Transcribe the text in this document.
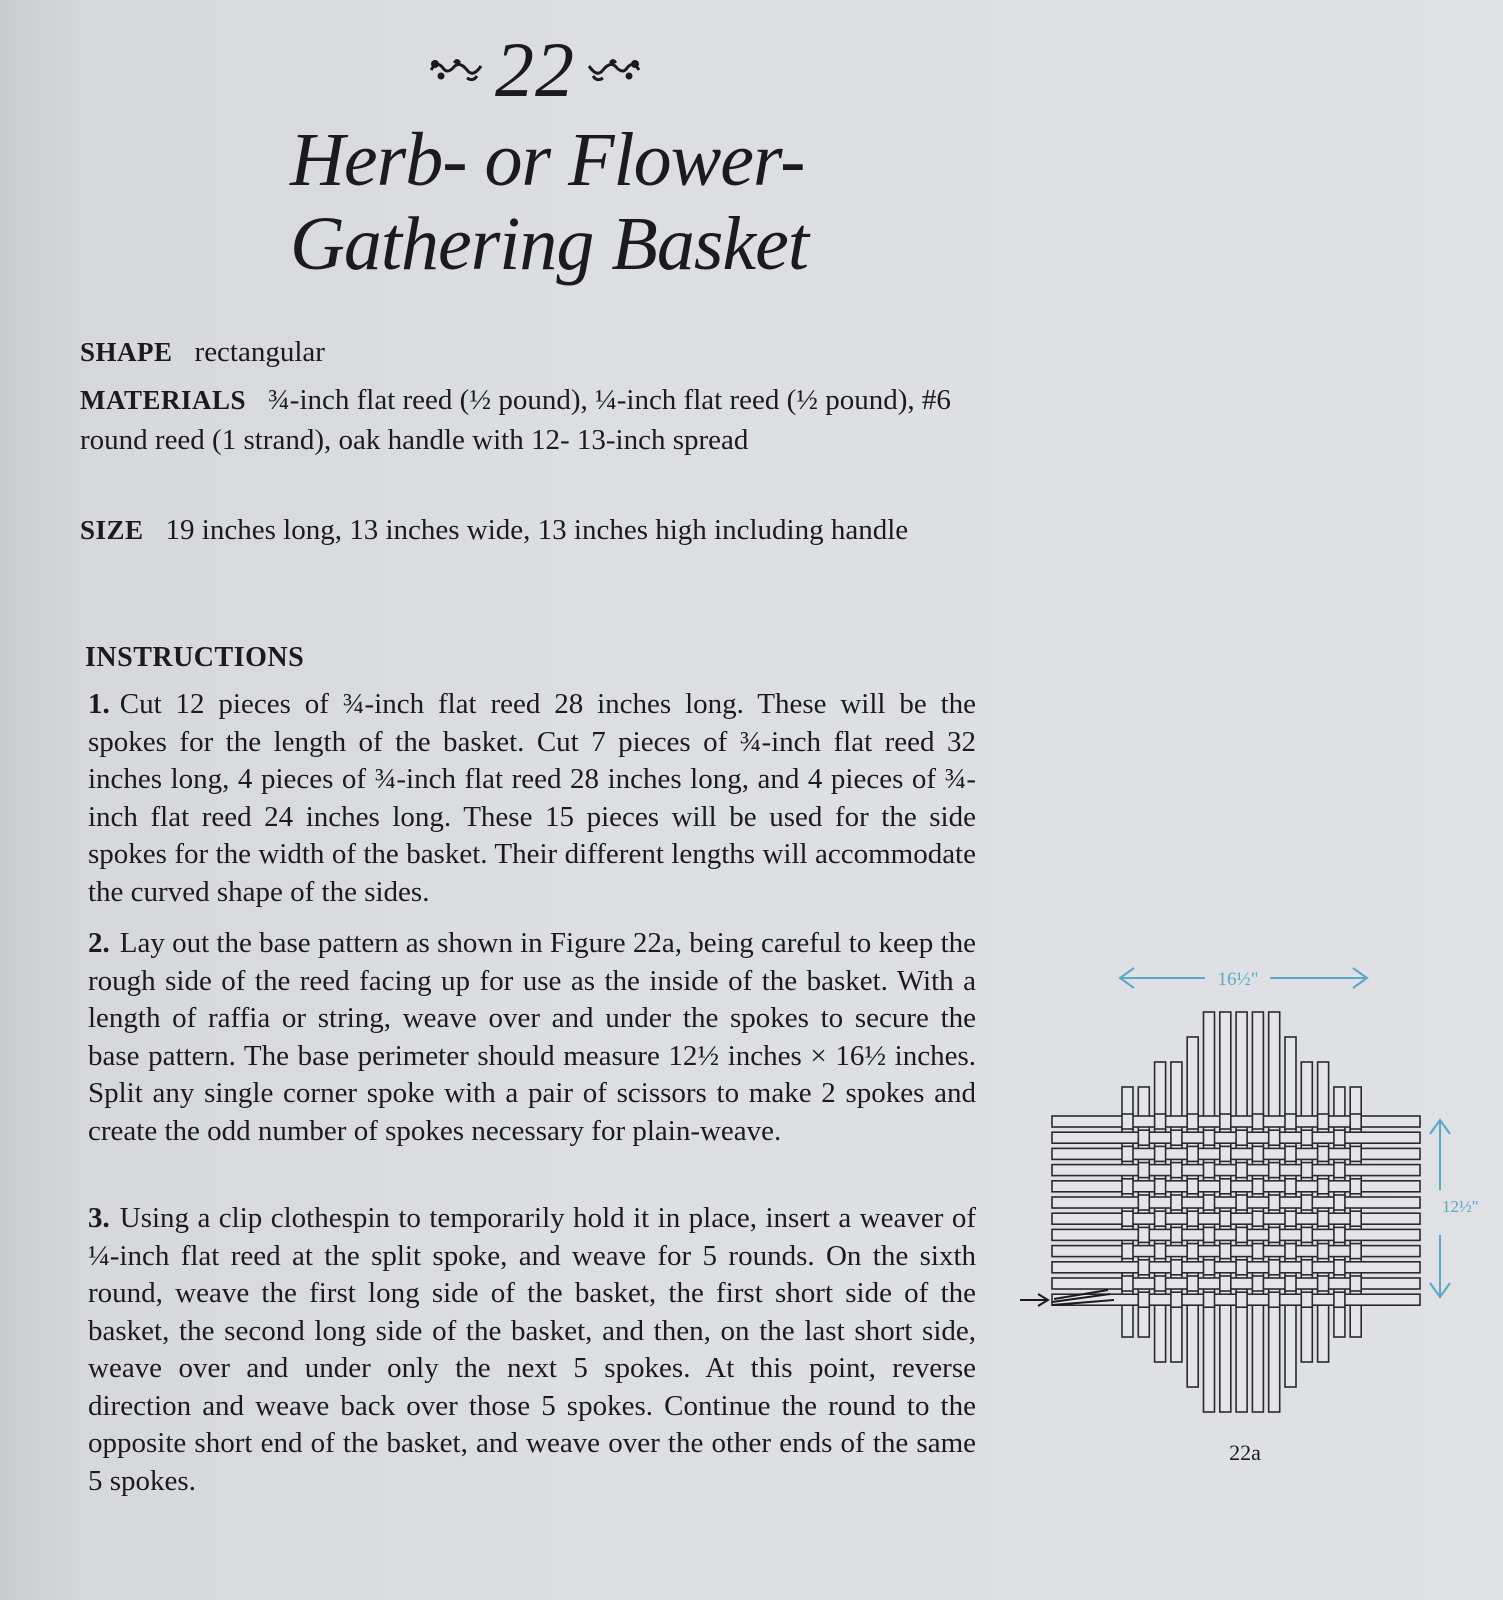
22
Herb- or Flower-
Gathering Basket
SHAPE rectangular
MATERIALS ¾-inch flat reed (½ pound), ¼-inch flat reed (½ pound), #6 round reed (1 strand), oak handle with 12- 13-inch spread
SIZE 19 inches long, 13 inches wide, 13 inches high including handle
INSTRUCTIONS
1. Cut 12 pieces of ¾-inch flat reed 28 inches long. These will be the spokes for the length of the basket. Cut 7 pieces of ¾-inch flat reed 32 inches long, 4 pieces of ¾-inch flat reed 28 inches long, and 4 pieces of ¾-inch flat reed 24 inches long. These 15 pieces will be used for the side spokes for the width of the basket. Their different lengths will accommodate the curved shape of the sides.
2. Lay out the base pattern as shown in Figure 22a, being careful to keep the rough side of the reed facing up for use as the inside of the basket. With a length of raffia or string, weave over and under the spokes to secure the base pattern. The base perimeter should measure 12½ inches × 16½ inches. Split any single corner spoke with a pair of scissors to make 2 spokes and create the odd number of spokes necessary for plain-weave.
3. Using a clip clothespin to temporarily hold it in place, insert a weaver of ¼-inch flat reed at the split spoke, and weave for 5 rounds. On the sixth round, weave the first long side of the basket, the first short side of the basket, the second long side of the basket, and then, on the last short side, weave over and under only the next 5 spokes. At this point, reverse direction and weave back over those 5 spokes. Continue the round to the opposite short end of the basket, and weave over the other ends of the same 5 spokes.
16½"
12½"
22a
